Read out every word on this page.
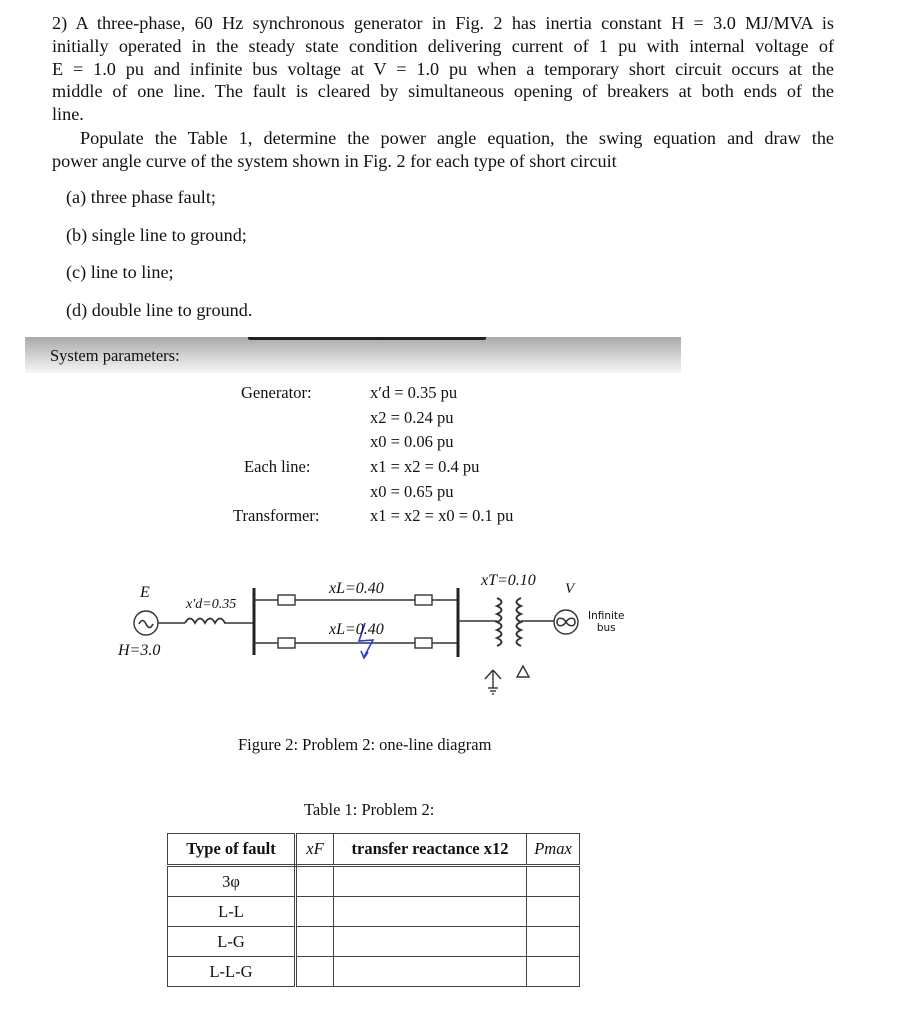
2) A three-phase, 60 Hz synchronous generator in Fig. 2 has inertia constant H = 3.0 MJ/MVA is
initially operated in the steady state condition delivering current of 1 pu with internal voltage of
E = 1.0 pu and infinite bus voltage at V = 1.0 pu when a temporary short circuit occurs at the
middle of one line. The fault is cleared by simultaneous opening of breakers at both ends of the
line.
Populate the Table 1, determine the power angle equation, the swing equation and draw the
power angle curve of the system shown in Fig. 2 for each type of short circuit
(a) three phase fault;
(b) single line to ground;
(c) line to line;
(d) double line to ground.
System parameters:
Generator:	x′d = 0.35 pu
x2 = 0.24 pu
x0 = 0.06 pu
Each line:	x1 = x2 = 0.4 pu
x0 = 0.65 pu
Transformer:	x1 = x2 = x0 = 0.1 pu
E
H=3.0
x′d=0.35
xL=0.40
xL=0.40
xT=0.10 V
Infinite
bus
Figure 2: Problem 2: one-line diagram
Table 1: Problem 2:
Type of fault	xF	transfer reactance x12	Pmax
3φ			
L-L			
L-G			
L-L-G			
